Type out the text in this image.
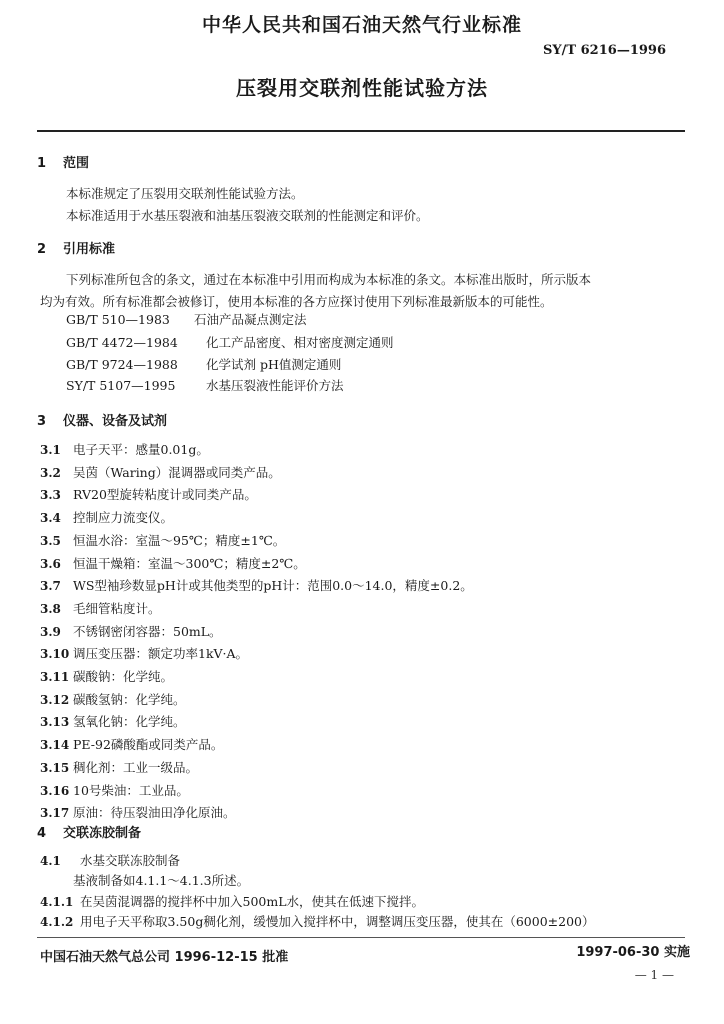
中华人民共和国石油天然气行业标准
SY/T 6216—1996
压裂用交联剂性能试验方法
1 范围
本标准规定了压裂用交联剂性能试验方法。
本标准适用于水基压裂液和油基压裂液交联剂的性能测定和评价。
2 引用标准
下列标准所包含的条文，通过在本标准中引用而构成为本标准的条文。本标准出版时，所示版本
均为有效。所有标准都会被修订，使用本标准的各方应探讨使用下列标准最新版本的可能性。
GB/T 510—1983 石油产品凝点测定法
GB/T 4472—1984 化工产品密度、相对密度测定通则
GB/T 9724—1988 化学试剂 pH值测定通则
SY/T 5107—1995 水基压裂液性能评价方法
3 仪器、设备及试剂
3.1 电子天平：感量0.01g。
3.2 吴茵（Waring）混调器或同类产品。
3.3 RV20型旋转粘度计或同类产品。
3.4 控制应力流变仪。
3.5 恒温水浴：室温～95℃；精度±1℃。
3.6 恒温干燥箱：室温～300℃；精度±2℃。
3.7 WS型袖珍数显pH计或其他类型的pH计：范围0.0～14.0，精度±0.2。
3.8 毛细管粘度计。
3.9 不锈钢密闭容器：50mL。
3.10 调压变压器：额定功率1kV·A。
3.11 碳酸钠：化学纯。
3.12 碳酸氢钠：化学纯。
3.13 氢氧化钠：化学纯。
3.14 PE-92磷酸酯或同类产品。
3.15 稠化剂：工业一级品。
3.16 10号柴油：工业品。
3.17 原油：待压裂油田净化原油。
4 交联冻胶制备
4.1 水基交联冻胶制备
基液制备如4.1.1～4.1.3所述。
4.1.1 在吴茵混调器的搅拌杯中加入500mL水，使其在低速下搅拌。
4.1.2 用电子天平称取3.50g稠化剂，缓慢加入搅拌杯中，调整调压变压器，使其在（6000±200）
中国石油天然气总公司 1996-12-15 批准	1997-06-30 实施
— 1 —
